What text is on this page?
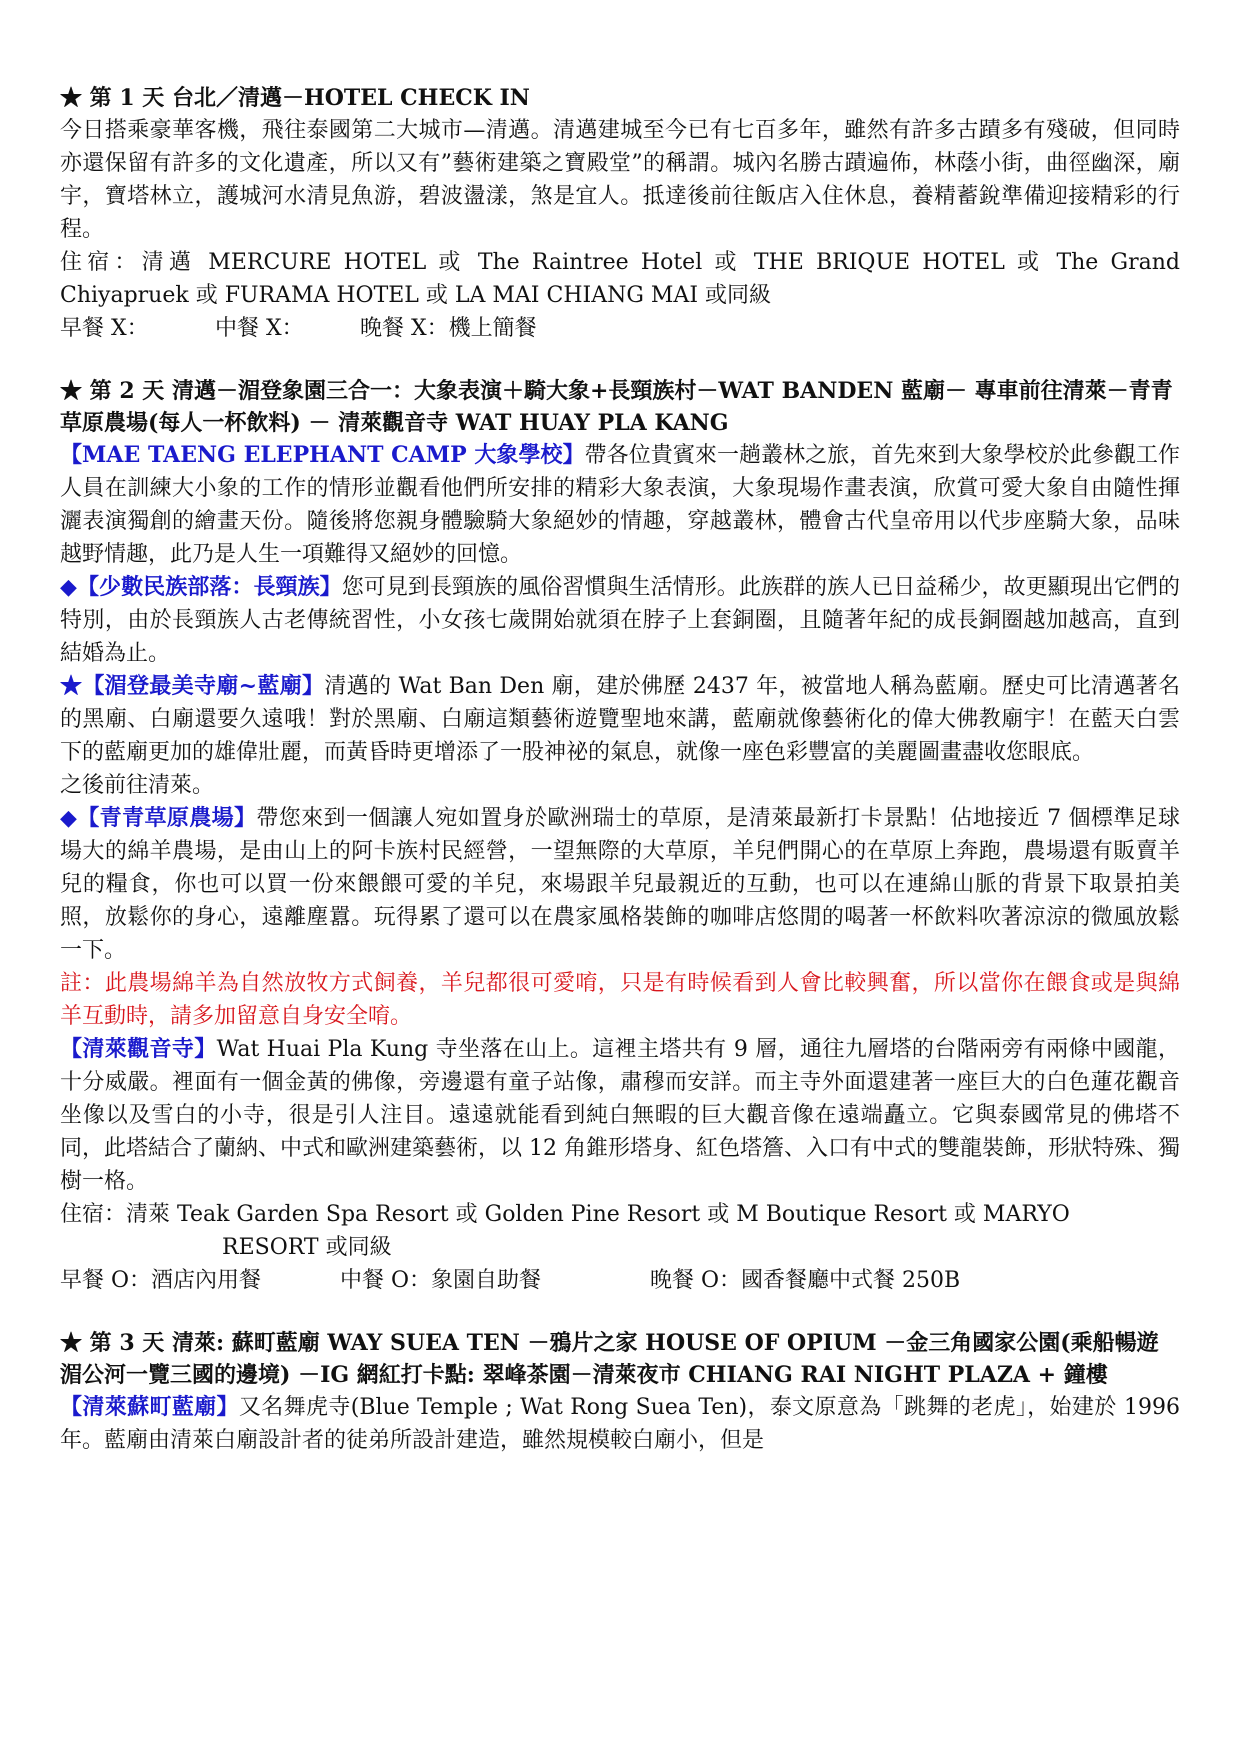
★ 第 1 天 台北／清邁－HOTEL CHECK IN

今日搭乘豪華客機，飛往泰國第二大城市—清邁。清邁建城至今已有七百多年，雖然有許多古蹟多有殘破，但同時亦還保留有許多的文化遺產，所以又有”藝術建築之寶殿堂”的稱謂。城內名勝古蹟遍佈，林蔭小街，曲徑幽深，廟宇，寶塔林立，護城河水清見魚游，碧波盪漾，煞是宜人。抵達後前往飯店入住休息，養精蓄銳準備迎接精彩的行程。

住宿：清邁 MERCURE HOTEL 或 The Raintree Hotel 或 THE BRIQUE HOTEL 或 The Grand Chiyapruek 或 FURAMA HOTEL 或 LA MAI CHIANG MAI 或同級

早餐 X：	中餐 X：	晚餐 X：機上簡餐

★ 第 2 天 清邁－湄登象園三合一：大象表演＋騎大象+長頸族村－WAT BANDEN 藍廟－ 專車前往清萊－青青草原農場(每人一杯飲料) － 清萊觀音寺 WAT HUAY PLA KANG

【MAE TAENG ELEPHANT CAMP 大象學校】帶各位貴賓來一趟叢林之旅，首先來到大象學校於此參觀工作人員在訓練大小象的工作的情形並觀看他們所安排的精彩大象表演，大象現場作畫表演，欣賞可愛大象自由隨性揮灑表演獨創的繪畫天份。隨後將您親身體驗騎大象絕妙的情趣，穿越叢林，體會古代皇帝用以代步座騎大象，品味越野情趣，此乃是人生一項難得又絕妙的回憶。

◆【少數民族部落：長頸族】您可見到長頸族的風俗習慣與生活情形。此族群的族人已日益稀少，故更顯現出它們的特別，由於長頸族人古老傳統習性，小女孩七歲開始就須在脖子上套銅圈，且隨著年紀的成長銅圈越加越高，直到結婚為止。

★【湄登最美寺廟~藍廟】清邁的 Wat Ban Den 廟，建於佛歷 2437 年，被當地人稱為藍廟。歷史可比清邁著名的黑廟、白廟還要久遠哦！對於黑廟、白廟這類藝術遊覽聖地來講，藍廟就像藝術化的偉大佛教廟宇！在藍天白雲下的藍廟更加的雄偉壯麗，而黃昏時更增添了一股神祕的氣息，就像一座色彩豐富的美麗圖畫盡收您眼底。

之後前往清萊。

◆【青青草原農場】帶您來到一個讓人宛如置身於歐洲瑞士的草原，是清萊最新打卡景點！佔地接近 7 個標準足球場大的綿羊農場，是由山上的阿卡族村民經營，一望無際的大草原，羊兒們開心的在草原上奔跑，農場還有販賣羊兒的糧食，你也可以買一份來餵餵可愛的羊兒，來場跟羊兒最親近的互動，也可以在連綿山脈的背景下取景拍美照，放鬆你的身心，遠離塵囂。玩得累了還可以在農家風格裝飾的咖啡店悠閒的喝著一杯飲料吹著涼涼的微風放鬆一下。

註：此農場綿羊為自然放牧方式飼養，羊兒都很可愛唷，只是有時候看到人會比較興奮，所以當你在餵食或是與綿羊互動時，請多加留意自身安全唷。

【清萊觀音寺】Wat Huai Pla Kung 寺坐落在山上。這裡主塔共有 9 層，通往九層塔的台階兩旁有兩條中國龍，十分威嚴。裡面有一個金黃的佛像，旁邊還有童子站像，肅穆而安詳。而主寺外面還建著一座巨大的白色蓮花觀音坐像以及雪白的小寺，很是引人注目。遠遠就能看到純白無暇的巨大觀音像在遠端矗立。它與泰國常見的佛塔不同，此塔結合了蘭納、中式和歐洲建築藝術，以 12 角錐形塔身、紅色塔簷、入口有中式的雙龍裝飾，形狀特殊、獨樹一格。

住宿：清萊 Teak Garden Spa Resort 或 Golden Pine Resort 或 M Boutique Resort 或 MARYO

RESORT 或同級

早餐 O：酒店內用餐	中餐 O：象園自助餐	晚餐 O：國香餐廳中式餐 250B

★ 第 3 天 清萊: 蘇町藍廟 WAY SUEA TEN －鴉片之家 HOUSE OF OPIUM －金三角國家公園(乘船暢遊湄公河一覽三國的邊境) －IG 網紅打卡點: 翠峰茶園－清萊夜市 CHIANG RAI NIGHT PLAZA + 鐘樓

【清萊蘇町藍廟】又名舞虎寺(Blue Temple ; Wat Rong Suea Ten)，泰文原意為「跳舞的老虎」，始建於 1996 年。藍廟由清萊白廟設計者的徒弟所設計建造，雖然規模較白廟小，但是
